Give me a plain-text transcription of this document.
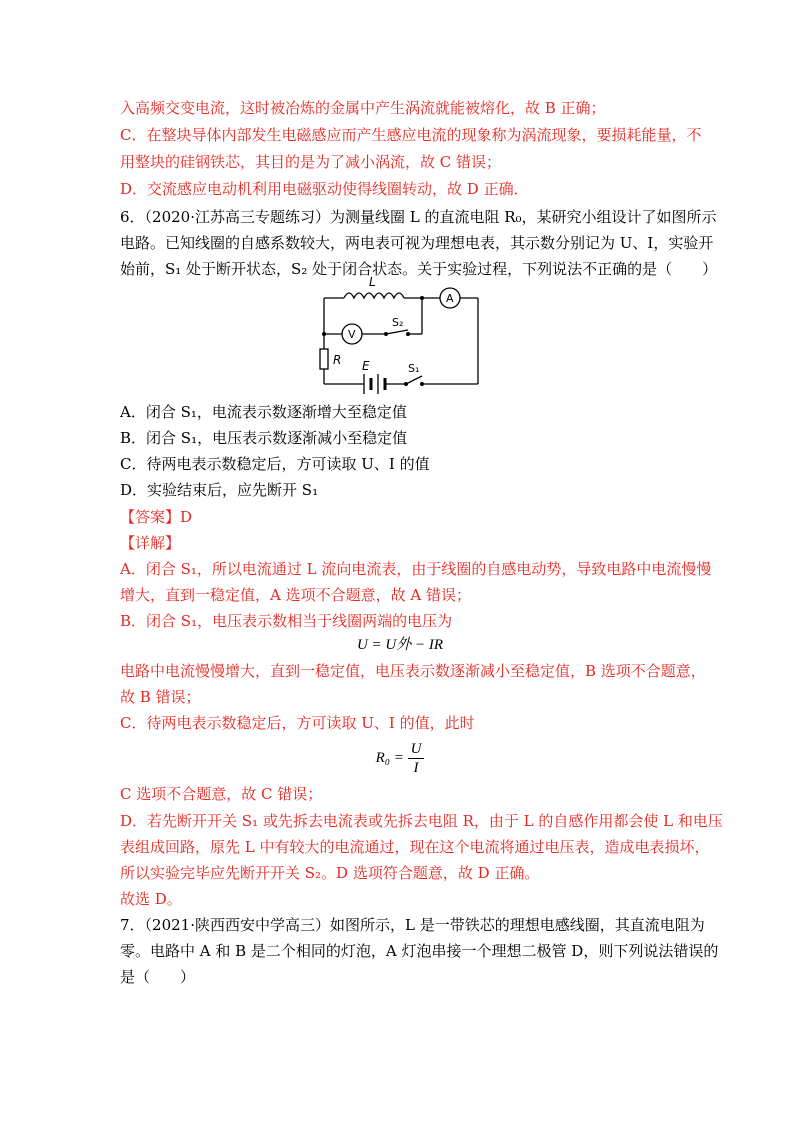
入高频交变电流，这时被冶炼的金属中产生涡流就能被熔化，故 B 正确；
C．在整块导体内部发生电磁感应而产生感应电流的现象称为涡流现象，要损耗能量，不
用整块的硅钢铁芯，其目的是为了减小涡流，故 C 错误；
D．交流感应电动机利用电磁驱动使得线圈转动，故 D 正确．
6．（2020·江苏高三专题练习）为测量线圈 L 的直流电阻 R₀，某研究小组设计了如图所示
电路。已知线圈的自感系数较大，两电表可视为理想电表，其示数分别记为 U、I，实验开
始前，S₁ 处于断开状态，S₂ 处于闭合状态。关于实验过程，下列说法不正确的是（　　）
L
A
V
S₂
R E	S₁
A．闭合 S₁，电流表示数逐渐增大至稳定值
B．闭合 S₁，电压表示数逐渐减小至稳定值
C．待两电表示数稳定后，方可读取 U、I 的值
D．实验结束后，应先断开 S₁
【答案】D
【详解】
A．闭合 S₁，所以电流通过 L 流向电流表，由于线圈的自感电动势，导致电路中电流慢慢
增大，直到一稳定值，A 选项不合题意，故 A 错误；
B．闭合 S₁，电压表示数相当于线圈两端的电压为
U = U外 − IR
电路中电流慢慢增大，直到一稳定值，电压表示数逐渐减小至稳定值，B 选项不合题意，
故 B 错误；
C．待两电表示数稳定后，方可读取 U、I 的值，此时
$R_0 = \frac{U}{I}$
C 选项不合题意，故 C 错误；
D．若先断开开关 S₁ 或先拆去电流表或先拆去电阻 R，由于 L 的自感作用都会使 L 和电压
表组成回路，原先 L 中有较大的电流通过，现在这个电流将通过电压表，造成电表损坏，
所以实验完毕应先断开开关 S₂。D 选项符合题意，故 D 正确。
故选 D。
7．（2021·陕西西安中学高三）如图所示，L 是一带铁芯的理想电感线圈，其直流电阻为
零。电路中 A 和 B 是二个相同的灯泡，A 灯泡串接一个理想二极管 D，则下列说法错误的
是（　　）
